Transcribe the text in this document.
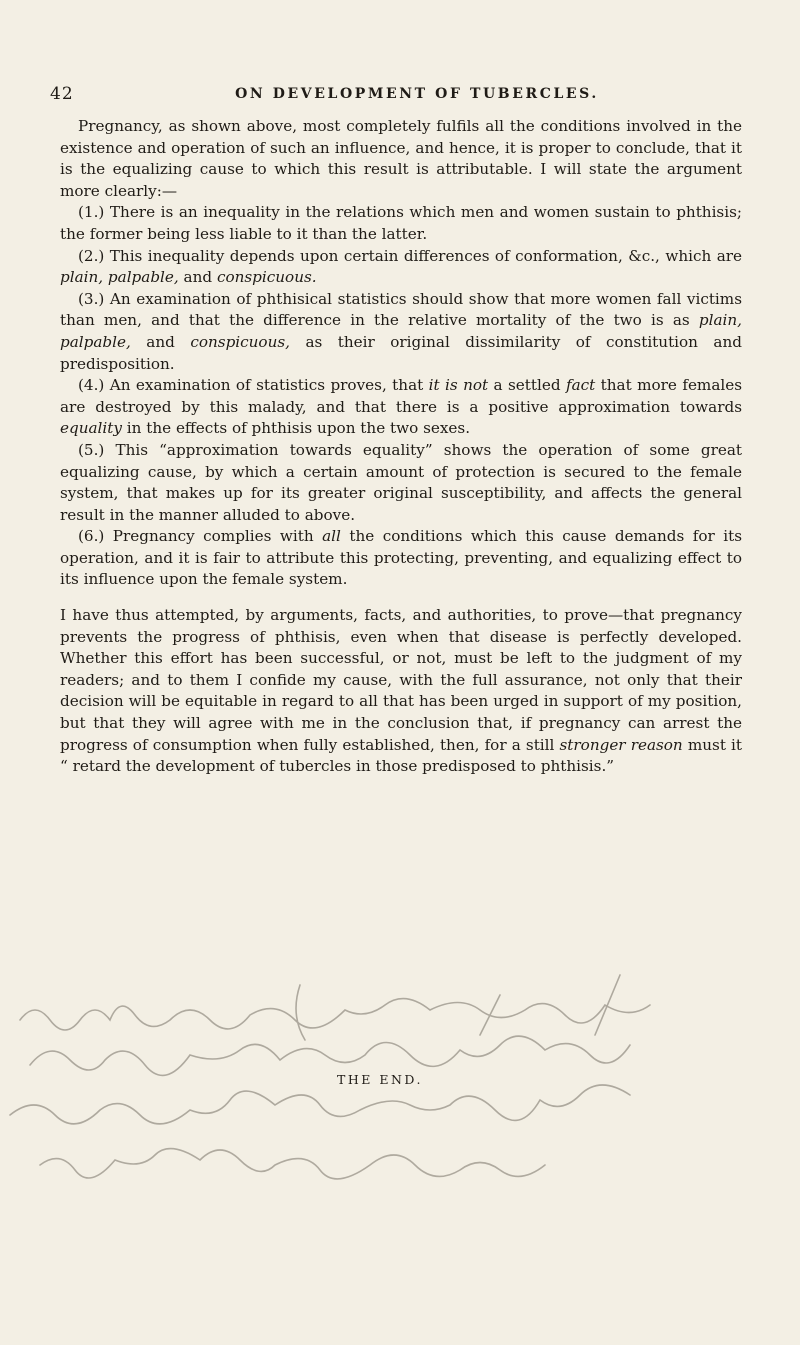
42	ON DEVELOPMENT OF TUBERCLES.

Pregnancy, as shown above, most completely fulfils all the conditions involved in the existence and operation of such an influence, and hence, it is proper to conclude, that it is the equalizing cause to which this result is attributable. I will state the argument more clearly:—

(1.) There is an inequality in the relations which men and women sustain to phthisis; the former being less liable to it than the latter.

(2.) This inequality depends upon certain differences of conformation, &c., which are plain, palpable, and conspicuous.

(3.) An examination of phthisical statistics should show that more women fall victims than men, and that the difference in the relative mortality of the two is as plain, palpable, and conspicuous, as their original dissimilarity of constitution and predisposition.

(4.) An examination of statistics proves, that it is not a settled fact that more females are destroyed by this malady, and that there is a positive approximation towards equality in the effects of phthisis upon the two sexes.

(5.) This “approximation towards equality” shows the operation of some great equalizing cause, by which a certain amount of protection is secured to the female system, that makes up for its greater original susceptibility, and affects the general result in the manner alluded to above.

(6.) Pregnancy complies with all the conditions which this cause demands for its operation, and it is fair to attribute this protecting, preventing, and equalizing effect to its influence upon the female system.

I have thus attempted, by arguments, facts, and authorities, to prove—that pregnancy prevents the progress of phthisis, even when that disease is perfectly developed. Whether this effort has been successful, or not, must be left to the judgment of my readers; and to them I confide my cause, with the full assurance, not only that their decision will be equitable in regard to all that has been urged in support of my position, but that they will agree with me in the conclusion that, if pregnancy can arrest the progress of consumption when fully established, then, for a still stronger reason must it “ retard the development of tubercles in those predisposed to phthisis.”

THE END.
